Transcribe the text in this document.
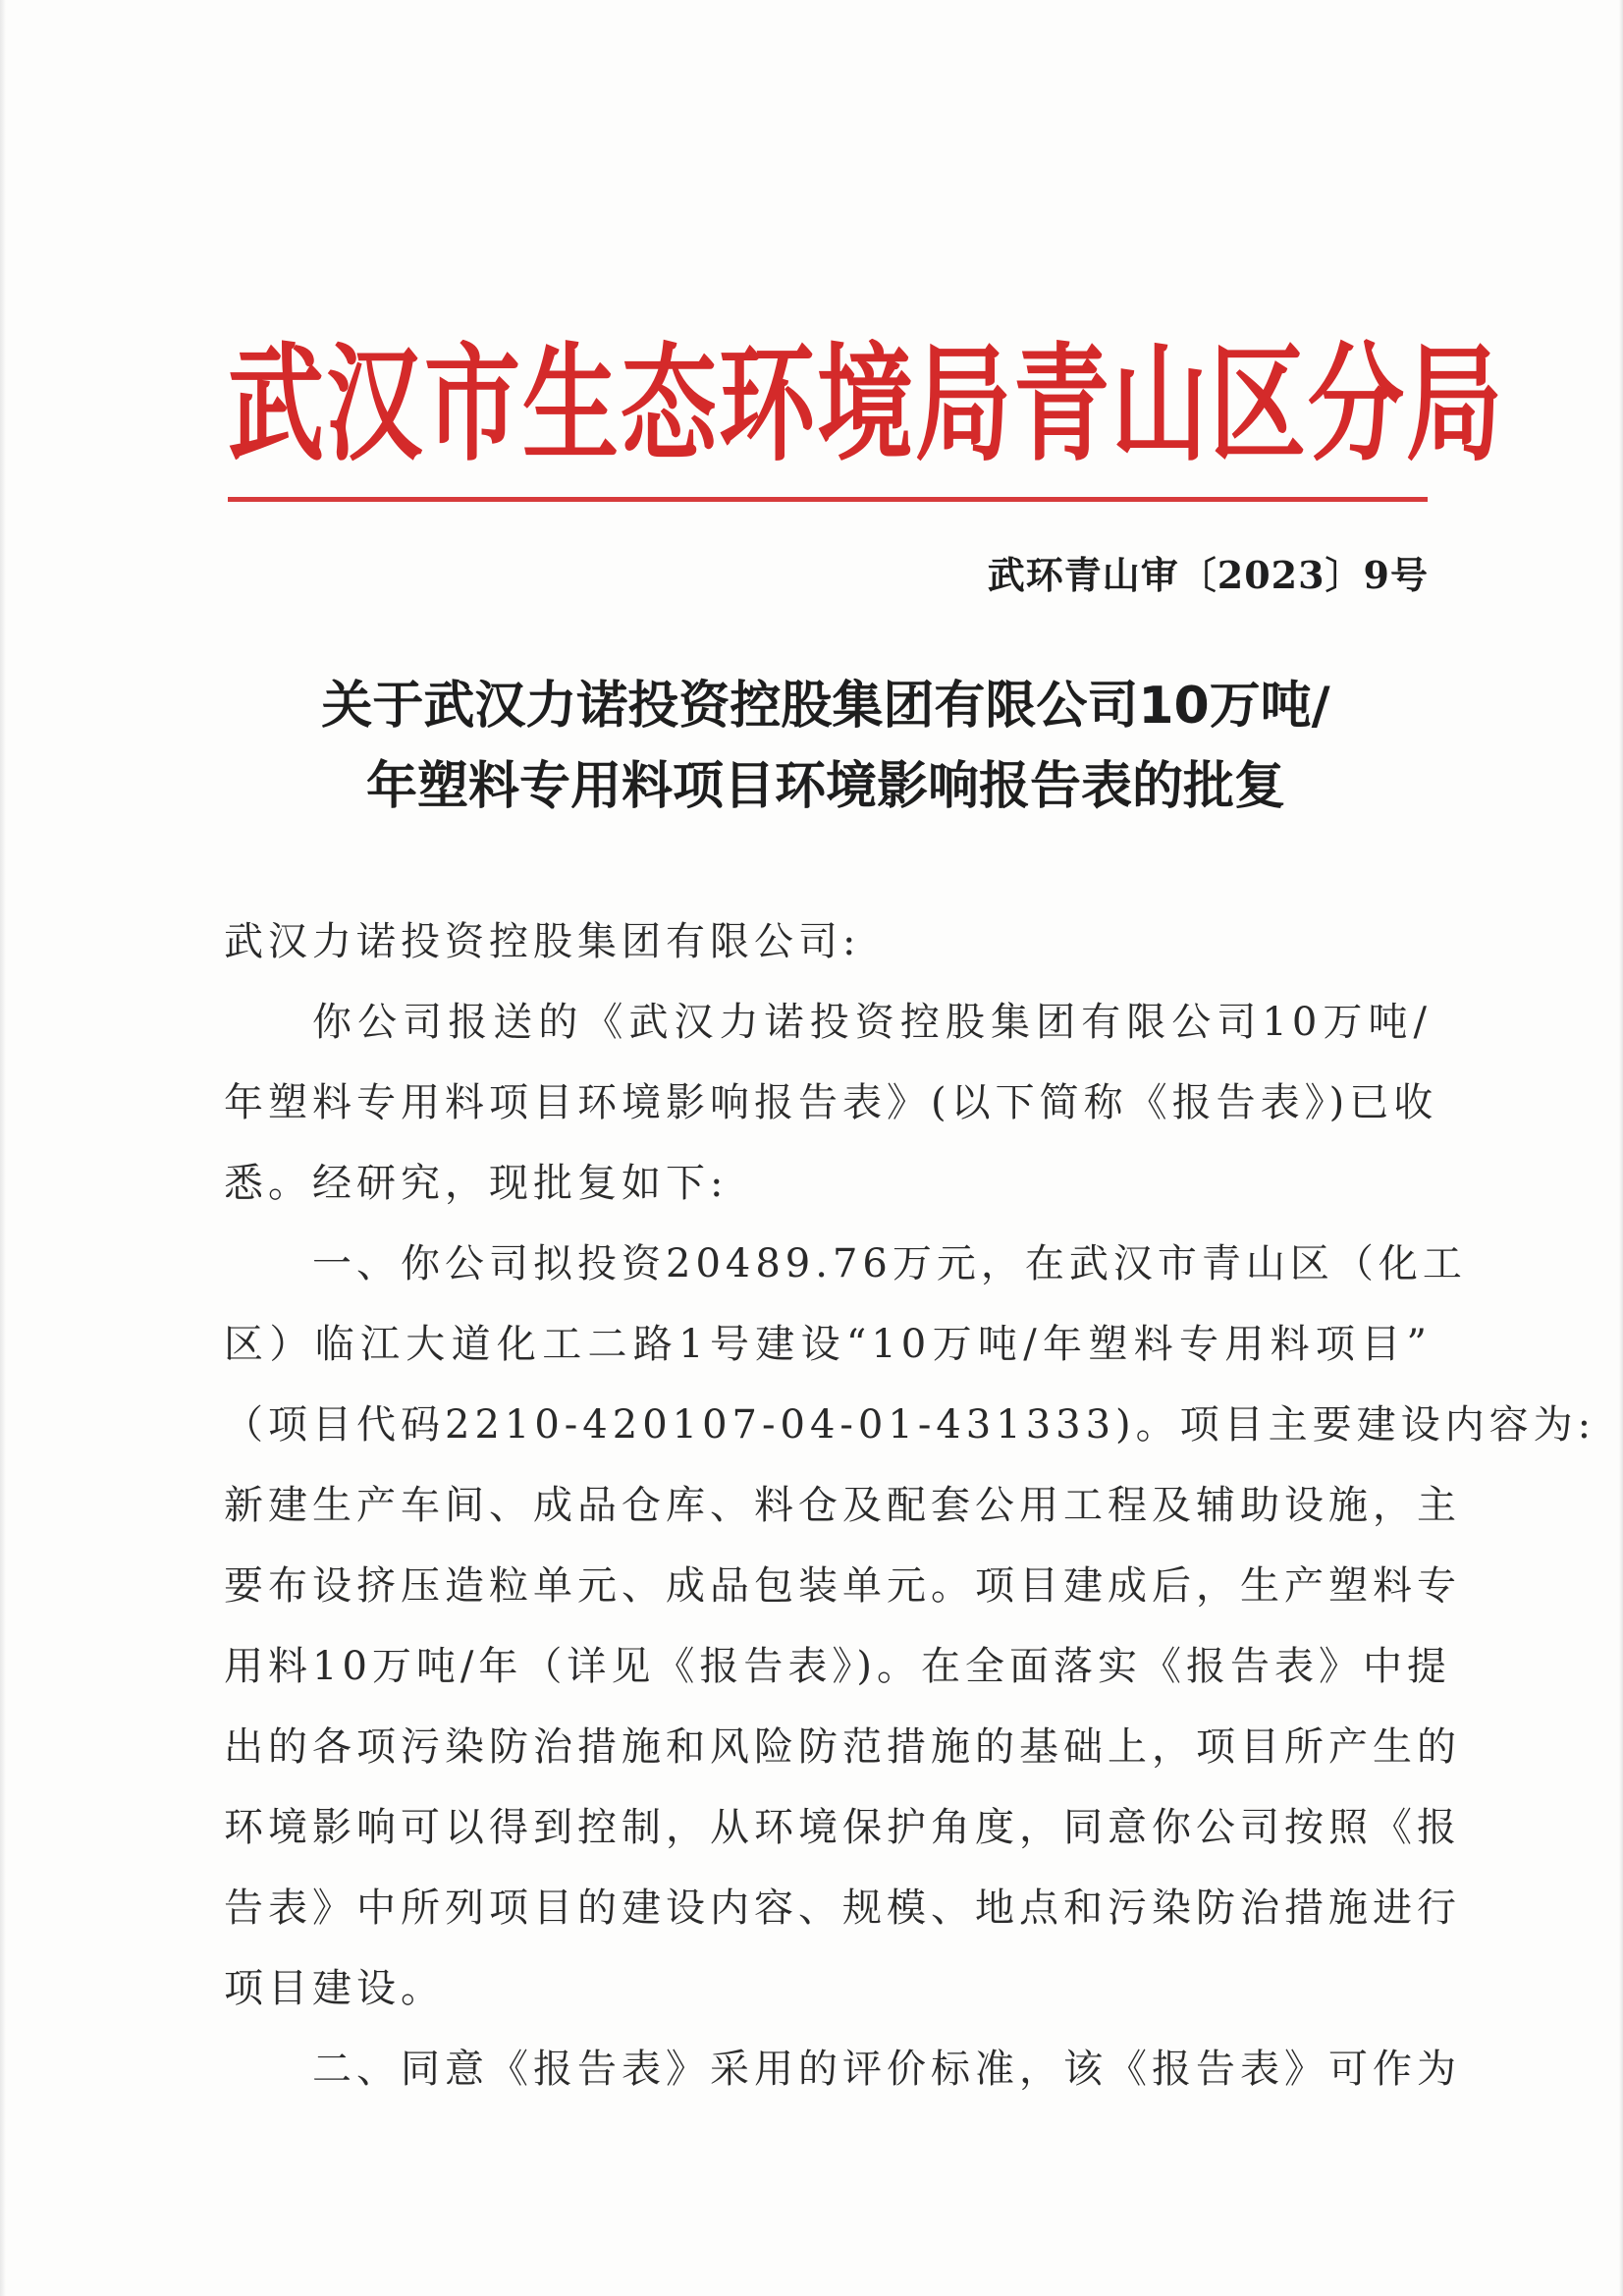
武汉市生态环境局青山区分局
武环青山审〔2023〕9号
关于武汉力诺投资控股集团有限公司10万吨/
年塑料专用料项目环境影响报告表的批复
武汉力诺投资控股集团有限公司:
你公司报送的《武汉力诺投资控股集团有限公司10万吨/
年塑料专用料项目环境影响报告表》(以下简称《报告表》)已收
悉。经研究，现批复如下:
一、你公司拟投资20489.76万元，在武汉市青山区（化工
区）临江大道化工二路1号建设“10万吨/年塑料专用料项目”
（项目代码2210-420107-04-01-431333)。项目主要建设内容为:
新建生产车间、成品仓库、料仓及配套公用工程及辅助设施，主
要布设挤压造粒单元、成品包装单元。项目建成后，生产塑料专
用料10万吨/年（详见《报告表》)。在全面落实《报告表》中提
出的各项污染防治措施和风险防范措施的基础上，项目所产生的
环境影响可以得到控制，从环境保护角度，同意你公司按照《报
告表》中所列项目的建设内容、规模、地点和污染防治措施进行
项目建设。
二、同意《报告表》采用的评价标准，该《报告表》可作为
